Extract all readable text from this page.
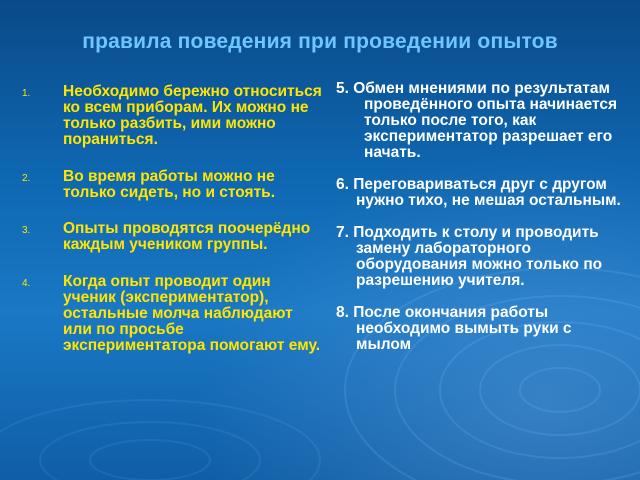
правила поведения при проведении опытов
1. Необходимо бережно относиться ко всем приборам. Их можно не только разбить, ими можно пораниться.
2. Во время работы можно не только сидеть, но и стоять.
3. Опыты проводятся поочерёдно каждым учеником группы.
4. Когда опыт проводит один ученик (экспериментатор), остальные молча наблюдают или по просьбе экспериментатора помогают ему.
5. Обмен мнениями по результатам проведённого опыта начинается только после того, как экспериментатор разрешает его начать.
6. Переговариваться друг с другом нужно тихо, не мешая остальным.
7. Подходить к столу и проводить замену лабораторного оборудования можно только по разрешению учителя.
8. После окончания работы необходимо вымыть руки с мылом
